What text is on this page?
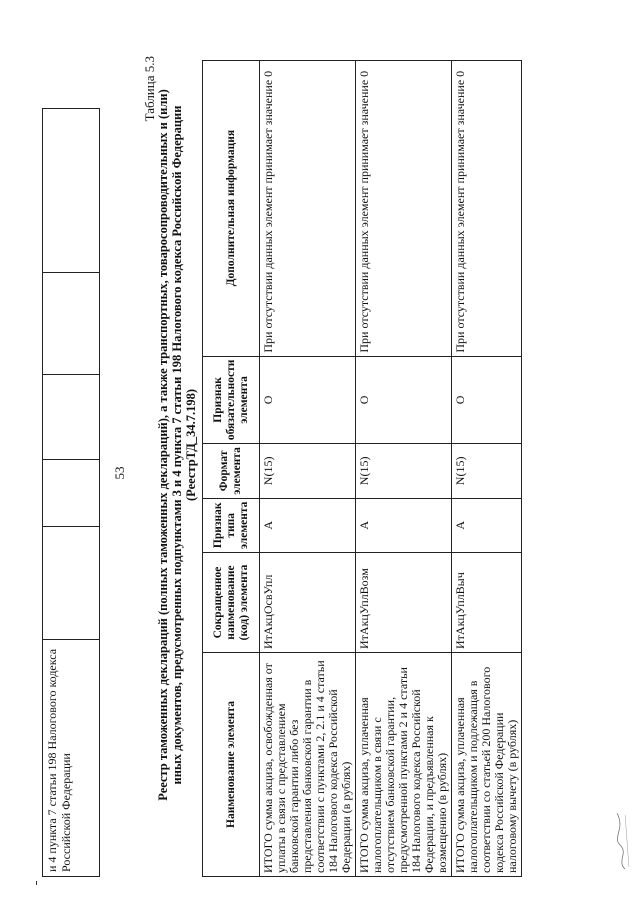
и 4 пункта 7 статьи 198 Налогового кодекса Российской Федерации					
53
Таблица 5.3
Реестр таможенных деклараций (полных таможенных деклараций), а также транспортных, товаросопроводительных и (или) иных документов, предусмотренных подпунктами 3 и 4 пункта 7 статьи 198 Налогового кодекса Российской Федерации (РеестрТД_34.7.198)
Наименование элемента	Сокращенное наименование (код) элемента	Признак типа элемента	Формат элемента	Признак обязательности элемента	Дополнительная информация
ИТОГО сумма акциза, освобожденная от уплаты в связи с представлением банковской гарантии либо без представления банковской гарантии в соответствии с пунктами 2, 2.1 и 4 статьи 184 Налогового кодекса Российской Федерации (в рублях)	ИтАкцОсвУпл	А	N(15)	О	При отсутствии данных элемент принимает значение 0
ИТОГО сумма акциза, уплаченная налогоплательщиком в связи с отсутствием банковской гарантии, предусмотренной пунктами 2 и 4 статьи 184 Налогового кодекса Российской Федерации, и предъявленная к возмещению (в рублях)	ИтАкцУплВозм	А	N(15)	О	При отсутствии данных элемент принимает значение 0
ИТОГО сумма акциза, уплаченная налогоплательщиком и подлежащая в соответствии со статьей 200 Налогового кодекса Российской Федерации налоговому вычету (в рублях)	ИтАкцУплВыч	А	N(15)	О	При отсутствии данных элемент принимает значение 0
